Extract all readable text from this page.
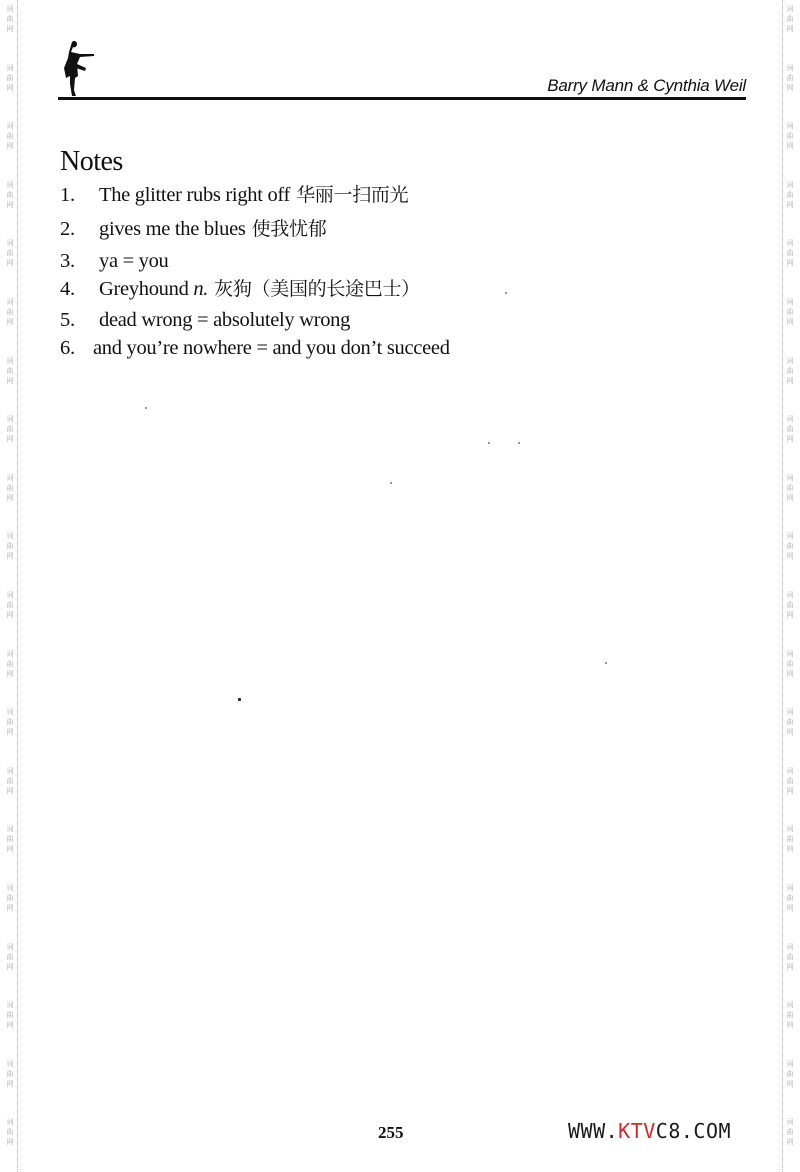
词
曲
网
词
曲
网
词
曲
网
词
曲
网
词
曲
网
词
曲
网
词
曲
网
词
曲
网
词
曲
网
词
曲
网
词
曲
网
词
曲
网
词
曲
网
词
曲
网
词
曲
网
词
曲
网
词
曲
网
词
曲
网
词
曲
网
词
曲
网
词
曲
网
词
曲
网
词
曲
网
词
曲
网
词
曲
网
词
曲
网
词
曲
网
词
曲
网
词
曲
网
词
曲
网
词
曲
网
词
曲
网
词
曲
网
词
曲
网
词
曲
网
词
曲
网
词
曲
网
词
曲
网
词
曲
网
词
曲
网
Barry Mann & Cynthia Weil
Notes
1. The glitter rubs right off 华丽一扫而光
2. gives me the blues 使我忧郁
3. ya = you
4. Greyhound n. 灰狗（美国的长途巴士）
5. dead wrong = absolutely wrong
6. and you’re nowhere = and you don’t succeed
255	WWW.KTVC8.COM
